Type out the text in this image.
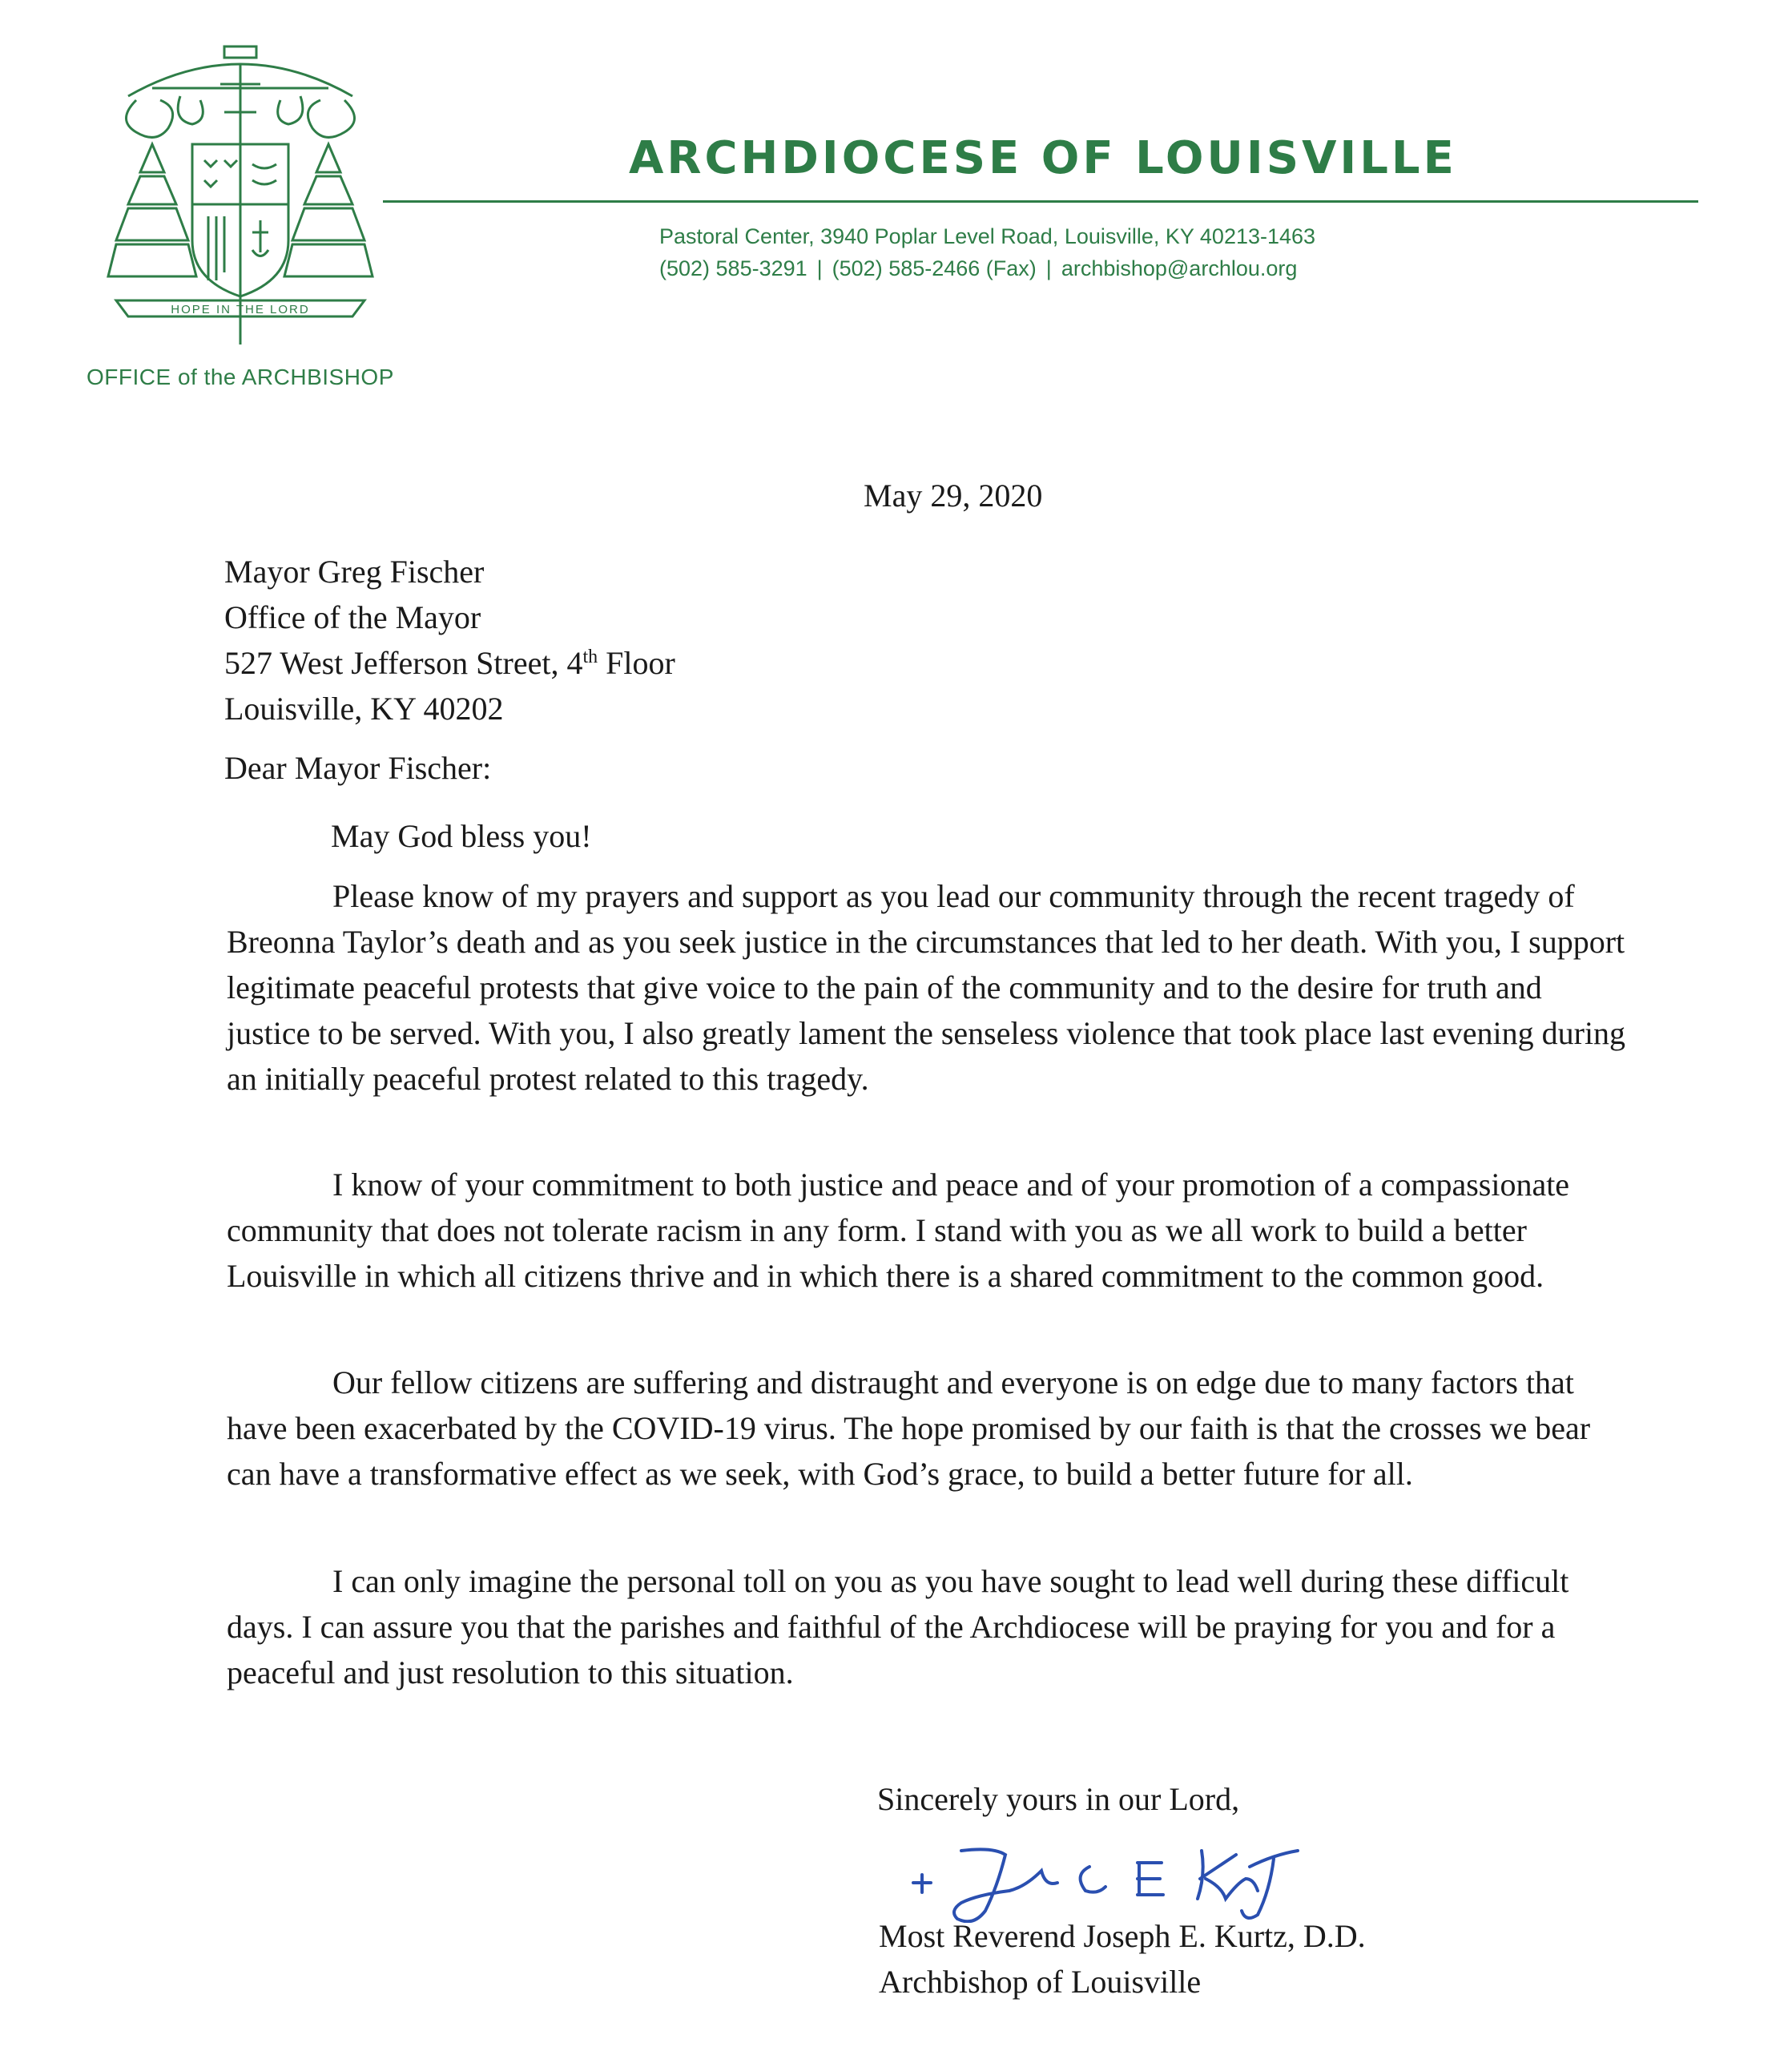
HOPE IN THE LORD
OFFICE of the ARCHBISHOP
ARCHDIOCESE OF LOUISVILLE
Pastoral Center, 3940 Poplar Level Road, Louisville, KY 40213-1463
(502) 585-3291 | (502) 585-2466 (Fax) | archbishop@archlou.org
May 29, 2020
Mayor Greg Fischer
Office of the Mayor
527 West Jefferson Street, 4th Floor
Louisville, KY 40202
Dear Mayor Fischer:
May God bless you!
Please know of my prayers and support as you lead our community through the recent tragedy of Breonna Taylor’s death and as you seek justice in the circumstances that led to her death. With you, I support legitimate peaceful protests that give voice to the pain of the community and to the desire for truth and justice to be served. With you, I also greatly lament the senseless violence that took place last evening during an initially peaceful protest related to this tragedy.
I know of your commitment to both justice and peace and of your promotion of a compassionate community that does not tolerate racism in any form. I stand with you as we all work to build a better Louisville in which all citizens thrive and in which there is a shared commitment to the common good.
Our fellow citizens are suffering and distraught and everyone is on edge due to many factors that have been exacerbated by the COVID-19 virus. The hope promised by our faith is that the crosses we bear can have a transformative effect as we seek, with God’s grace, to build a better future for all.
I can only imagine the personal toll on you as you have sought to lead well during these difficult days. I can assure you that the parishes and faithful of the Archdiocese will be praying for you and for a peaceful and just resolution to this situation.
Sincerely yours in our Lord,
Most Reverend Joseph E. Kurtz, D.D.
Archbishop of Louisville
